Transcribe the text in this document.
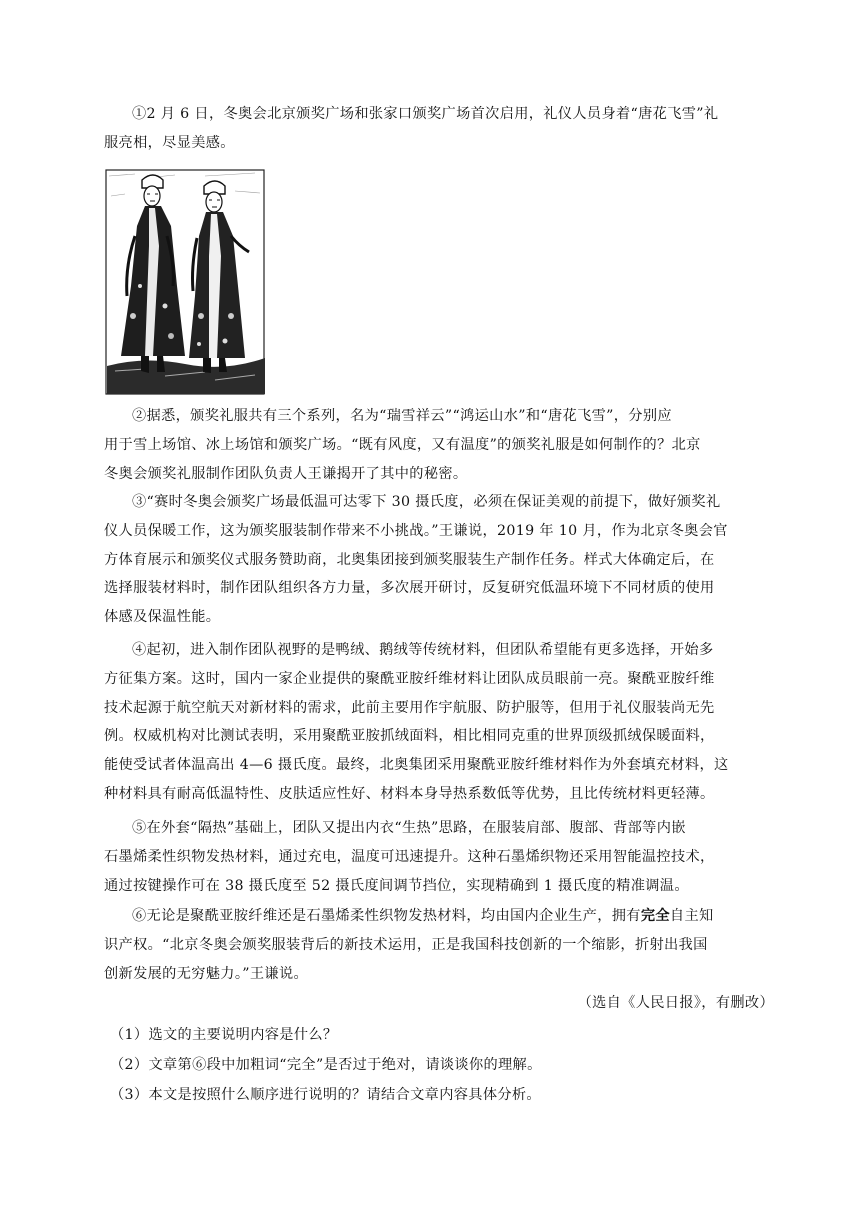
①2 月 6 日，冬奥会北京颁奖广场和张家口颁奖广场首次启用，礼仪人员身着“唐花飞雪”礼
服亮相，尽显美感。
②据悉，颁奖礼服共有三个系列，名为“瑞雪祥云”“鸿运山水”和“唐花飞雪”，分别应
用于雪上场馆、冰上场馆和颁奖广场。“既有风度，又有温度”的颁奖礼服是如何制作的？北京
冬奥会颁奖礼服制作团队负责人王谦揭开了其中的秘密。
③“赛时冬奥会颁奖广场最低温可达零下 30 摄氏度，必须在保证美观的前提下，做好颁奖礼
仪人员保暖工作，这为颁奖服装制作带来不小挑战。”王谦说，2019 年 10 月，作为北京冬奥会官
方体育展示和颁奖仪式服务赞助商，北奥集团接到颁奖服装生产制作任务。样式大体确定后，在
选择服装材料时，制作团队组织各方力量，多次展开研讨，反复研究低温环境下不同材质的使用
体感及保温性能。
④起初，进入制作团队视野的是鸭绒、鹅绒等传统材料，但团队希望能有更多选择，开始多
方征集方案。这时，国内一家企业提供的聚酰亚胺纤维材料让团队成员眼前一亮。聚酰亚胺纤维
技术起源于航空航天对新材料的需求，此前主要用作宇航服、防护服等，但用于礼仪服装尚无先
例。权威机构对比测试表明，采用聚酰亚胺抓绒面料，相比相同克重的世界顶级抓绒保暖面料，
能使受试者体温高出 4—6 摄氏度。最终，北奥集团采用聚酰亚胺纤维材料作为外套填充材料，这
种材料具有耐高低温特性、皮肤适应性好、材料本身导热系数低等优势，且比传统材料更轻薄。
⑤在外套“隔热”基础上，团队又提出内衣“生热”思路，在服装肩部、腹部、背部等内嵌
石墨烯柔性织物发热材料，通过充电，温度可迅速提升。这种石墨烯织物还采用智能温控技术，
通过按键操作可在 38 摄氏度至 52 摄氏度间调节挡位，实现精确到 1 摄氏度的精准调温。
⑥无论是聚酰亚胺纤维还是石墨烯柔性织物发热材料，均由国内企业生产，拥有完全自主知
识产权。“北京冬奥会颁奖服装背后的新技术运用，正是我国科技创新的一个缩影，折射出我国
创新发展的无穷魅力。”王谦说。
（选自《人民日报》，有删改）
（1）选文的主要说明内容是什么？
（2）文章第⑥段中加粗词“完全”是否过于绝对，请谈谈你的理解。
（3）本文是按照什么顺序进行说明的？请结合文章内容具体分析。
